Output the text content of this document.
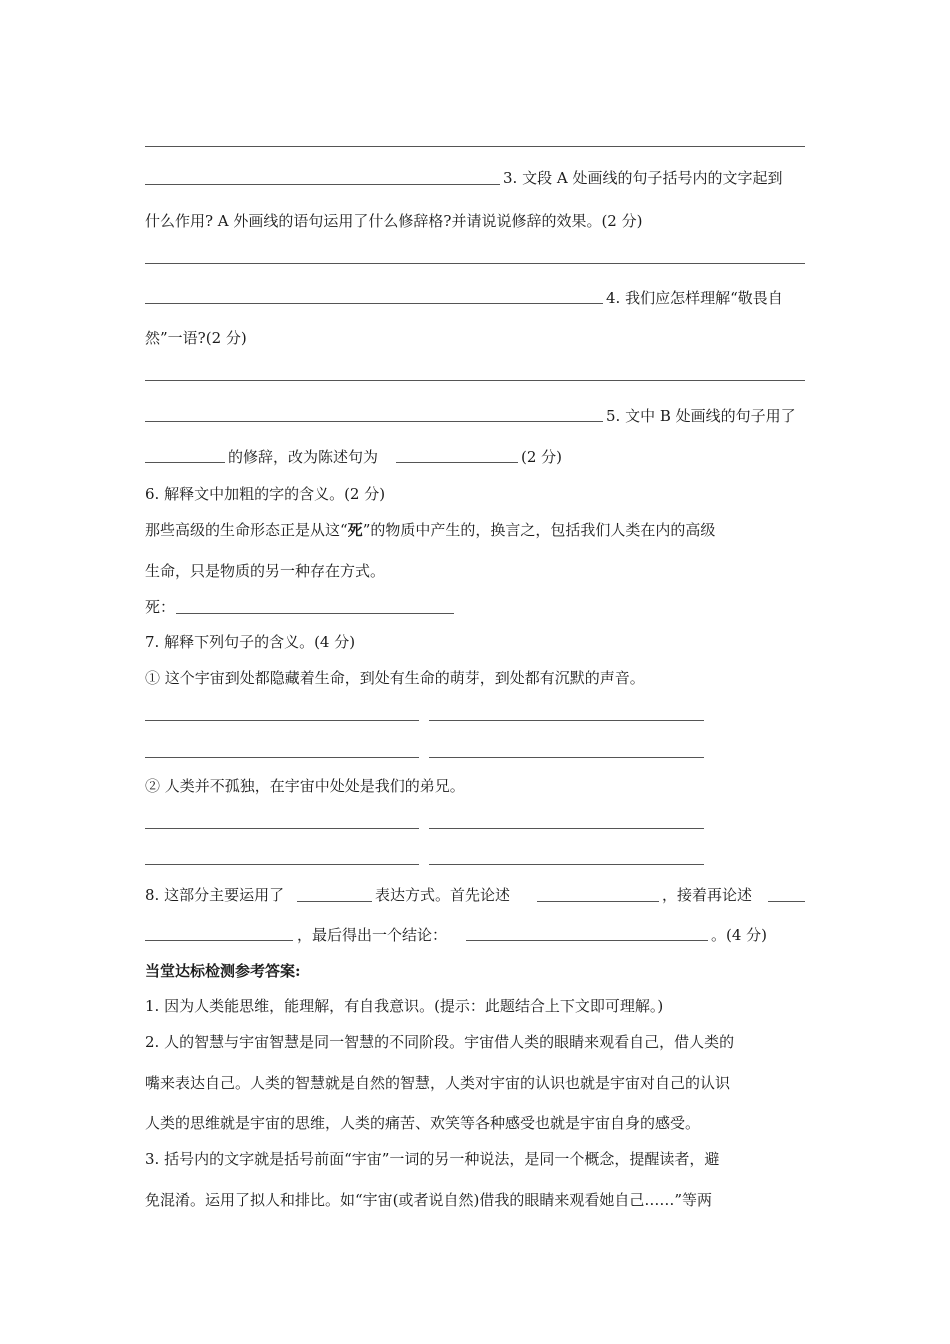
3. 文段 A 处画线的句子括号内的文字起到
什么作用? A 外画线的语句运用了什么修辞格?并请说说修辞的效果。(2 分)
4. 我们应怎样理解“敬畏自
然”一语?(2 分)
5. 文中 B 处画线的句子用了
的修辞，改为陈述句为	(2 分)
6. 解释文中加粗的字的含义。(2 分)
那些高级的生命形态正是从这“死”的物质中产生的，换言之，包括我们人类在内的高级
生命，只是物质的另一种存在方式。
死：
7. 解释下列句子的含义。(4 分)
① 这个宇宙到处都隐藏着生命，到处有生命的萌芽，到处都有沉默的声音。
② 人类并不孤独，在宇宙中处处是我们的弟兄。
8. 这部分主要运用了	表达方式。首先论述	，接着再论述
，最后得出一个结论：	。(4 分)
当堂达标检测参考答案:
1. 因为人类能思维，能理解，有自我意识。(提示：此题结合上下文即可理解。)
2. 人的智慧与宇宙智慧是同一智慧的不同阶段。宇宙借人类的眼睛来观看自己，借人类的
嘴来表达自己。人类的智慧就是自然的智慧，人类对宇宙的认识也就是宇宙对自己的认识
人类的思维就是宇宙的思维，人类的痛苦、欢笑等各种感受也就是宇宙自身的感受。
3. 括号内的文字就是括号前面“宇宙”一词的另一种说法，是同一个概念，提醒读者，避
免混淆。运用了拟人和排比。如“宇宙(或者说自然)借我的眼睛来观看她自己……”等两
